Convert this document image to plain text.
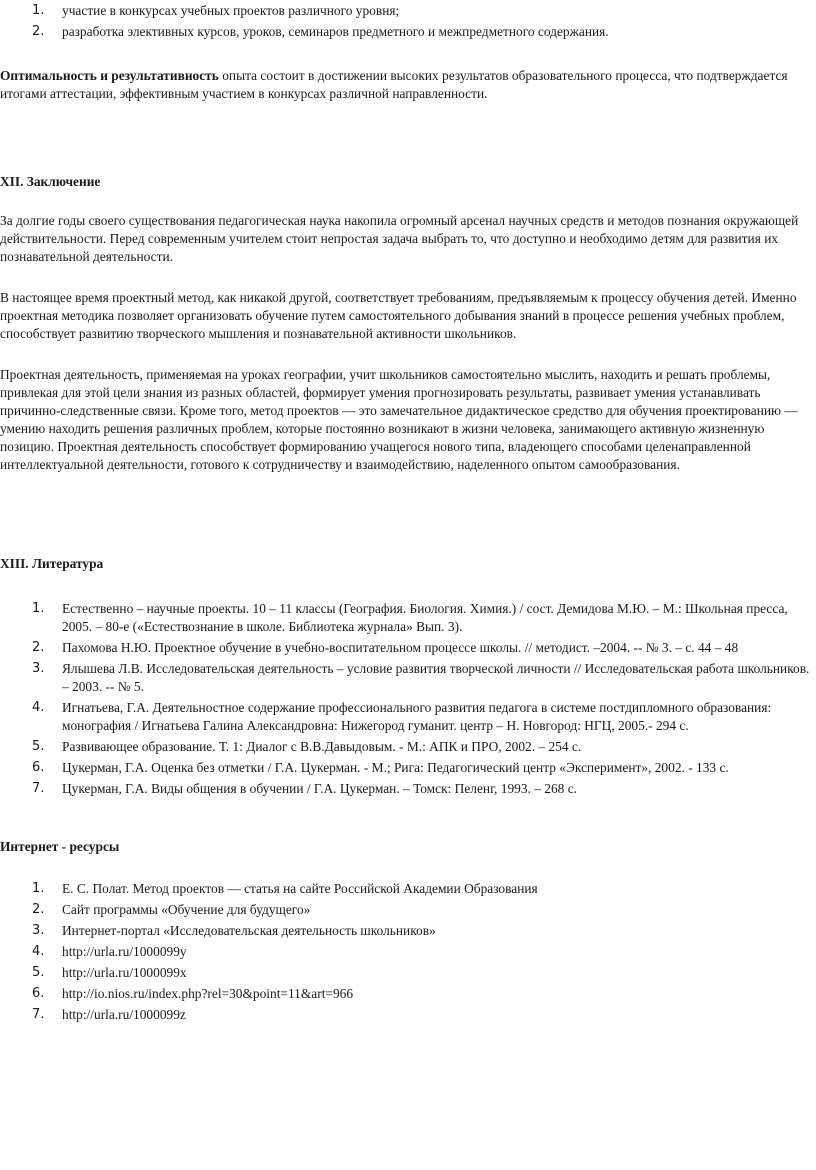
1. участие в конкурсах учебных проектов различного уровня;
2. разработка элективных курсов, уроков, семинаров предметного и межпредметного содержания.

Оптимальность и результативность опыта состоит в достижении высоких результатов образовательного процесса, что подтверждается итогами аттестации, эффективным участием в конкурсах различной направленности.

XII. Заключение

За долгие годы своего существования педагогическая наука накопила огромный арсенал научных средств и методов познания окружающей действительности. Перед современным учителем стоит непростая задача выбрать то, что доступно и необходимо детям для развития их познавательной деятельности.

В настоящее время проектный метод, как никакой другой, соответствует требованиям, предъявляемым к процессу обучения детей. Именно проектная методика позволяет организовать обучение путем самостоятельного добывания знаний в процессе решения учебных проблем, способствует развитию творческого мышления и познавательной активности школьников.

Проектная деятельность, применяемая на уроках географии, учит школьников самостоятельно мыслить, находить и решать проблемы, привлекая для этой цели знания из разных областей, формирует умения прогнозировать результаты, развивает умения устанавливать причинно-следственные связи. Кроме того, метод проектов — это замечательное дидактическое средство для обучения проектированию — умению находить решения различных проблем, которые постоянно возникают в жизни человека, занимающего активную жизненную позицию. Проектная деятельность способствует формированию учащегося нового типа, владеющего способами целенаправленной интеллектуальной деятельности, готового к сотрудничеству и взаимодействию, наделенного опытом самообразования.

XIII. Литература

1. Естественно – научные проекты. 10 – 11 классы (География. Биология. Химия.) / сост. Демидова М.Ю. – М.: Школьная пресса, 2005. – 80-е («Естествознание в школе. Библиотека журнала» Вып. 3).
2. Пахомова Н.Ю. Проектное обучение в учебно-воспитательном процессе школы. // методист. –2004. -- № 3. – с. 44 – 48
3. Ялышева Л.В. Исследовательская деятельность – условие развития творческой личности // Исследовательская работа школьников. – 2003. -- № 5.
4. Игнатьева, Г.А. Деятельностное содержание профессионального развития педагога в системе постдипломного образования: монография / Игнатьева Галина Александровна: Нижегород гуманит. центр – Н. Новгород: НГЦ, 2005.- 294 с.
5. Развивающее образование. Т. 1: Диалог с В.В.Давыдовым. - М.: АПК и ПРО, 2002. – 254 с.
6. Цукерман, Г.А. Оценка без отметки / Г.А. Цукерман. - М.; Рига: Педагогический центр «Эксперимент», 2002. - 133 с.
7. Цукерман, Г.А. Виды общения в обучении / Г.А. Цукерман. – Томск: Пеленг, 1993. – 268 с.

Интернет - ресурсы

1. Е. С. Полат. Метод проектов — статья на сайте Российской Академии Образования
2. Сайт программы «Обучение для будущего»
3. Интернет-портал «Исследовательская деятельность школьников»
4. http://urla.ru/1000099y
5. http://urla.ru/1000099x
6. http://io.nios.ru/index.php?rel=30&point=11&art=966
7. http://urla.ru/1000099z
